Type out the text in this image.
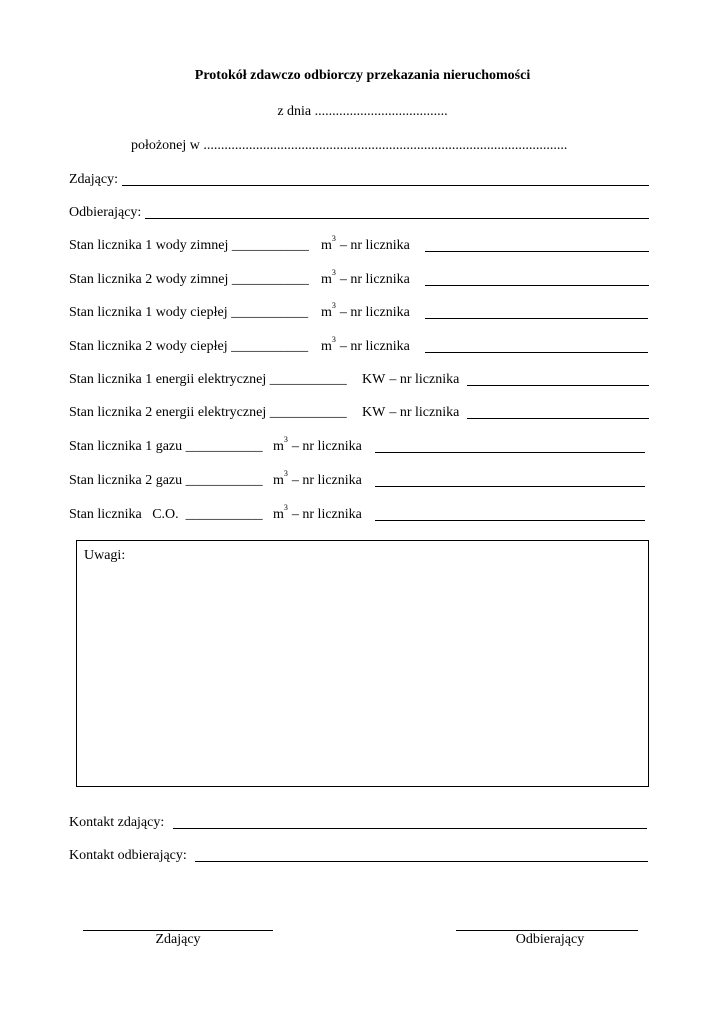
Protokół zdawczo odbiorczy przekazania nieruchomości
z dnia ......................................
położonej w ........................................................................................................
Zdający:
Odbierający:
Stan licznika 1 wody zimnej ___________ $m^3$ – nr licznika
Stan licznika 2 wody zimnej ___________ $m^3$ – nr licznika
Stan licznika 1 wody ciepłej ___________ $m^3$ – nr licznika
Stan licznika 2 wody ciepłej ___________ $m^3$ – nr licznika
Stan licznika 1 energii elektrycznej ___________ KW – nr licznika
Stan licznika 2 energii elektrycznej ___________ KW – nr licznika
Stan licznika 1 gazu ___________ $m^3$ – nr licznika
Stan licznika 2 gazu ___________ $m^3$ – nr licznika
Stan licznika   C.O.  ___________ $m^3$ – nr licznika
Uwagi:
Kontakt zdający:
Kontakt odbierający:
Zdający	Odbierający
